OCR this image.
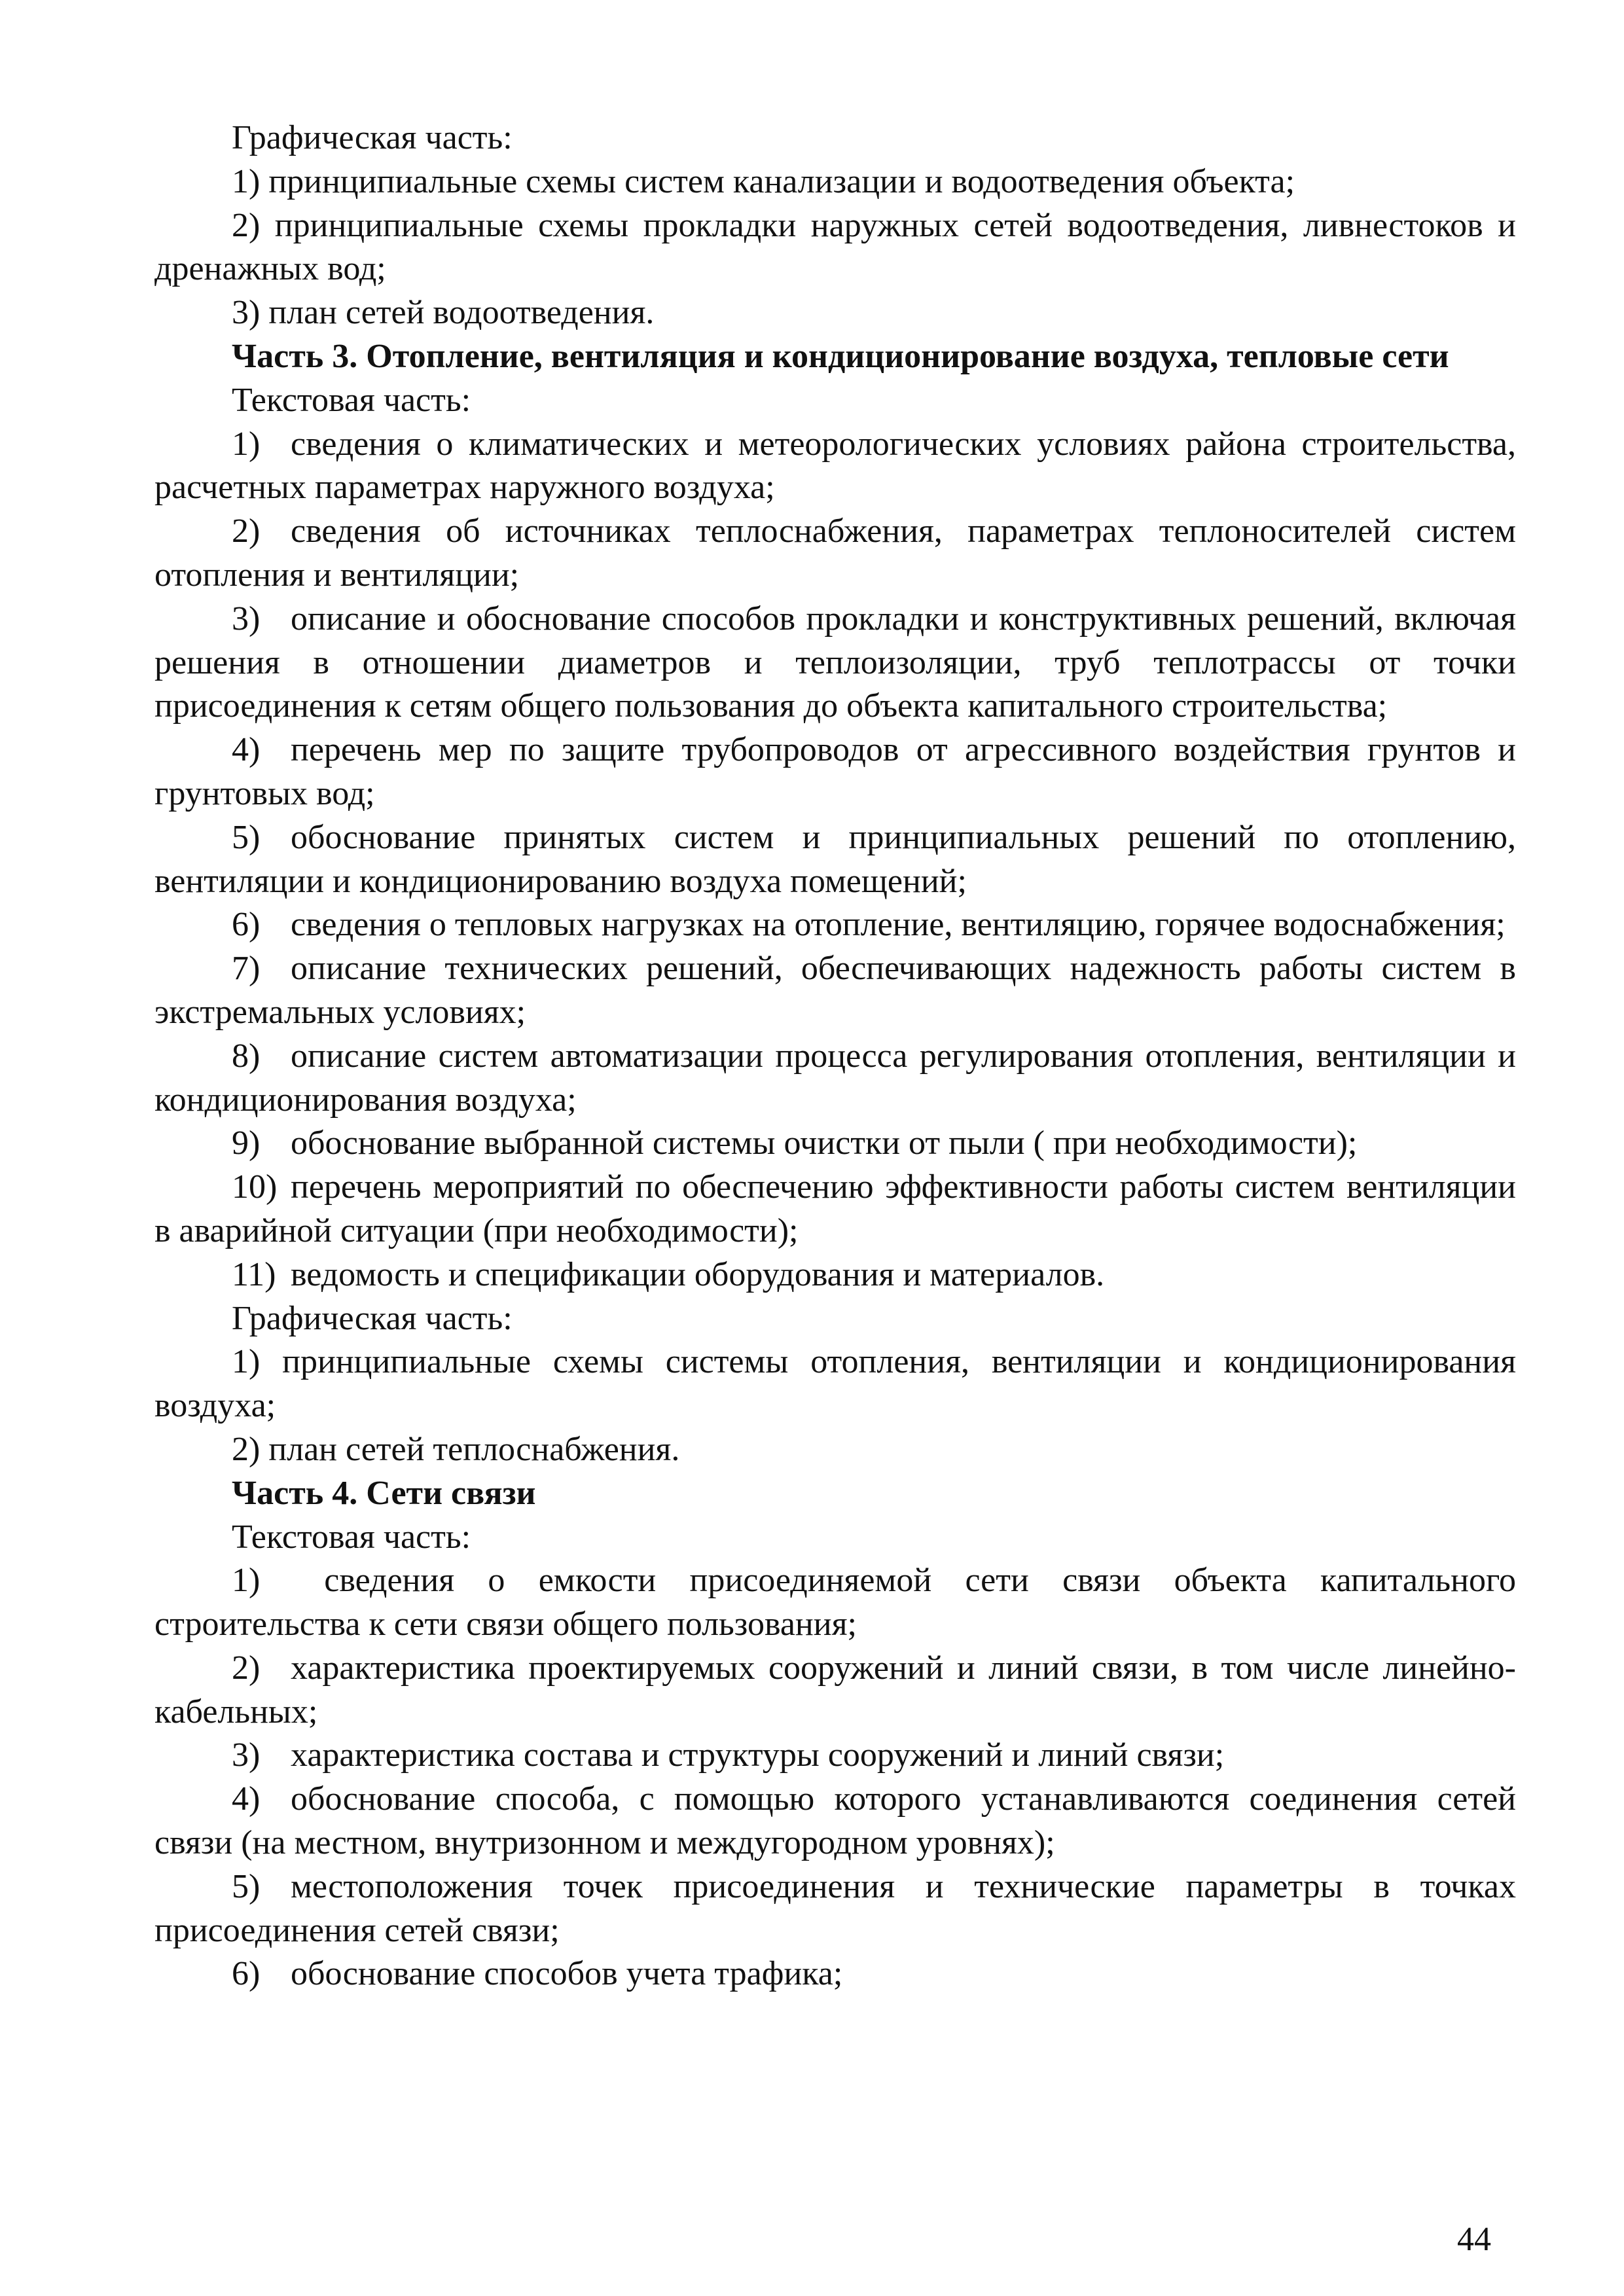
Графическая часть:

1) принципиальные схемы систем канализации и водоотведения объекта;

2) принципиальные схемы прокладки наружных сетей водоотведения, ливнестоков и дренажных вод;

3) план сетей водоотведения.

Часть 3. Отопление, вентиляция и кондиционирование воздуха, тепловые сети

Текстовая часть:

1) сведения о климатических и метеорологических условиях района строительства, расчетных параметрах наружного воздуха;

2) сведения об источниках теплоснабжения, параметрах теплоносителей систем отопления и вентиляции;

3) описание и обоснование способов прокладки и конструктивных решений, включая решения в отношении диаметров и теплоизоляции, труб теплотрассы от точки присоединения к сетям общего пользования до объекта капитального строительства;

4) перечень мер по защите трубопроводов от агрессивного воздействия грунтов и грунтовых вод;

5) обоснование принятых систем и принципиальных решений по отоплению, вентиляции и кондиционированию воздуха помещений;

6) сведения о тепловых нагрузках на отопление, вентиляцию, горячее водоснабжения;

7) описание технических решений, обеспечивающих надежность работы систем в экстремальных условиях;

8) описание систем автоматизации процесса регулирования отопления, вентиляции и кондиционирования воздуха;

9) обоснование выбранной системы очистки от пыли ( при необходимости);

10) перечень мероприятий по обеспечению эффективности работы систем вентиляции в аварийной ситуации (при необходимости);

11) ведомость и спецификации оборудования и материалов.

Графическая часть:

1) принципиальные схемы системы отопления, вентиляции и кондиционирования воздуха;

2) план сетей теплоснабжения.

Часть 4. Сети связи

Текстовая часть:

1) сведения о емкости присоединяемой сети связи объекта капитального строительства к сети связи общего пользования;

2) характеристика проектируемых сооружений и линий связи, в том числе линейно-кабельных;

3) характеристика состава и структуры сооружений и линий связи;

4) обоснование способа, с помощью которого устанавливаются соединения сетей связи (на местном, внутризонном и междугородном уровнях);

5) местоположения точек присоединения и технические параметры в точках присоединения сетей связи;

6) обоснование способов учета трафика;

44
